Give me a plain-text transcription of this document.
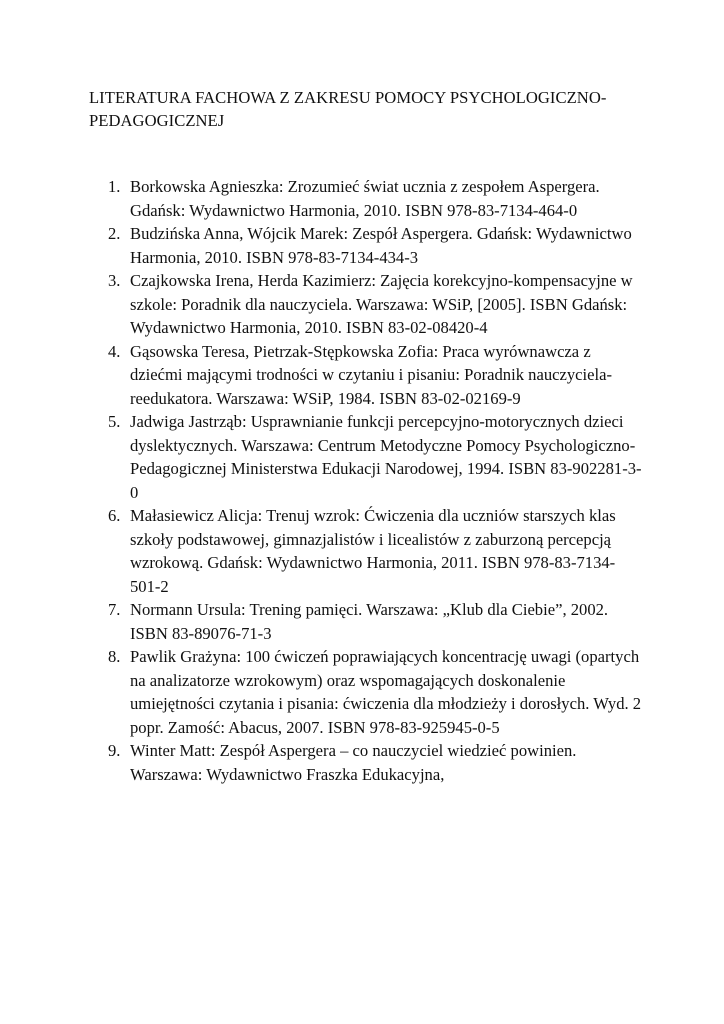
LITERATURA FACHOWA Z ZAKRESU POMOCY PSYCHOLOGICZNO-PEDAGOGICZNEJ
1. Borkowska Agnieszka: Zrozumieć świat ucznia z zespołem Aspergera. Gdańsk: Wydawnictwo Harmonia, 2010. ISBN 978-83-7134-464-0
2. Budzińska Anna, Wójcik Marek: Zespół Aspergera. Gdańsk: Wydawnictwo Harmonia, 2010. ISBN 978-83-7134-434-3
3. Czajkowska Irena, Herda Kazimierz: Zajęcia korekcyjno-kompensacyjne w szkole: Poradnik dla nauczyciela. Warszawa: WSiP, [2005]. ISBN Gdańsk: Wydawnictwo Harmonia, 2010. ISBN 83-02-08420-4
4. Gąsowska Teresa, Pietrzak-Stępkowska Zofia: Praca wyrównawcza z dziećmi mającymi trodności w czytaniu i pisaniu: Poradnik nauczyciela-reedukatora. Warszawa: WSiP, 1984. ISBN 83-02-02169-9
5. Jadwiga Jastrząb: Usprawnianie funkcji percepcyjno-motorycznych dzieci dyslektycznych. Warszawa: Centrum Metodyczne Pomocy Psychologiczno-Pedagogicznej Ministerstwa Edukacji Narodowej, 1994. ISBN 83-902281-3-0
6. Małasiewicz Alicja: Trenuj wzrok: Ćwiczenia dla uczniów starszych klas szkoły podstawowej, gimnazjalistów i licealistów z zaburzoną percepcją wzrokową. Gdańsk: Wydawnictwo Harmonia, 2011. ISBN 978-83-7134-501-2
7. Normann Ursula: Trening pamięci. Warszawa: „Klub dla Ciebie”, 2002. ISBN 83-89076-71-3
8. Pawlik Grażyna: 100 ćwiczeń poprawiających koncentrację uwagi (opartych na analizatorze wzrokowym) oraz wspomagających doskonalenie umiejętności czytania i pisania: ćwiczenia dla młodzieży i dorosłych. Wyd. 2 popr. Zamość: Abacus, 2007. ISBN 978-83-925945-0-5
9. Winter Matt: Zespół Aspergera – co nauczyciel wiedzieć powinien. Warszawa: Wydawnictwo Fraszka Edukacyjna,
